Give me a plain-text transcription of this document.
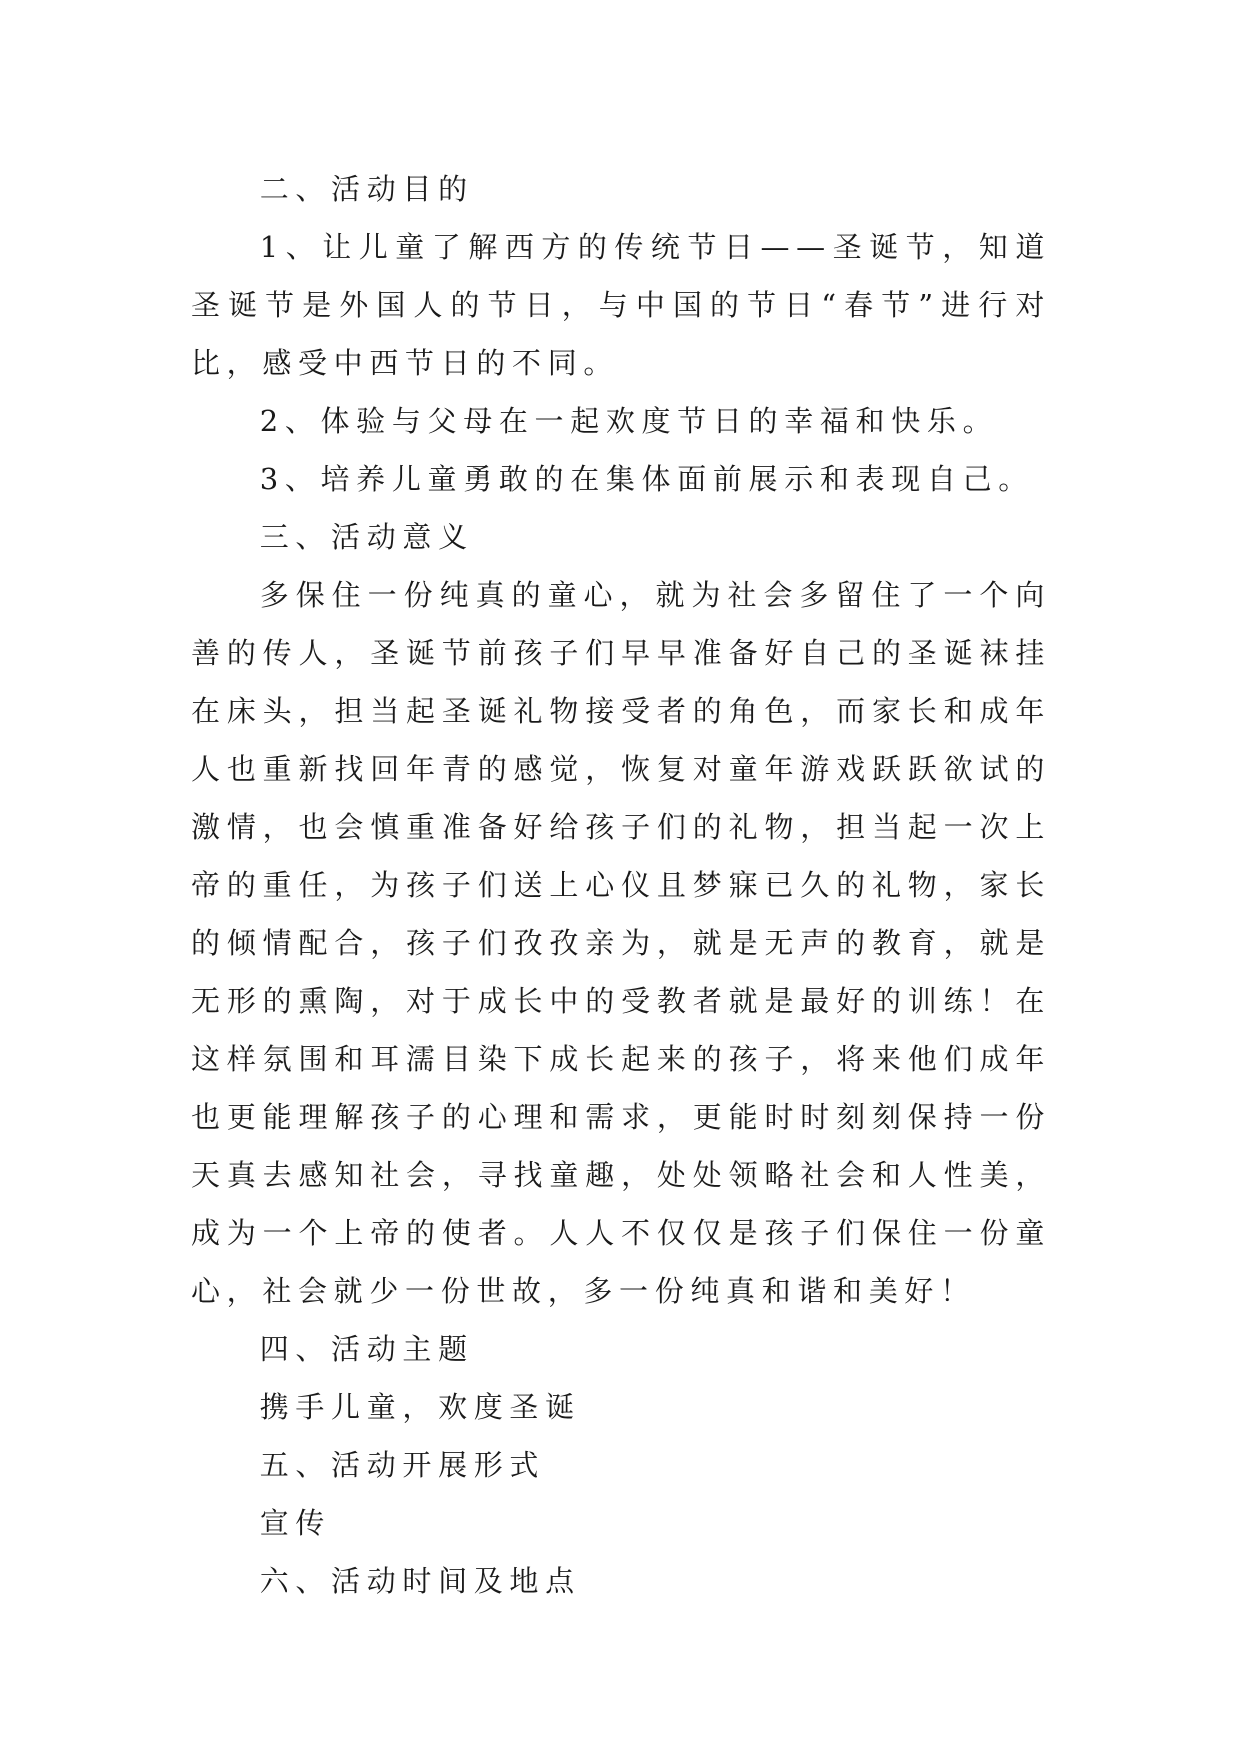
二、活动目的

1、让儿童了解西方的传统节日——圣诞节，知道圣诞节是外国人的节日，与中国的节日“春节”进行对比，感受中西节日的不同。

2、体验与父母在一起欢度节日的幸福和快乐。

3、培养儿童勇敢的在集体面前展示和表现自己。

三、活动意义

多保住一份纯真的童心，就为社会多留住了一个向善的传人，圣诞节前孩子们早早准备好自己的圣诞袜挂在床头，担当起圣诞礼物接受者的角色，而家长和成年人也重新找回年青的感觉，恢复对童年游戏跃跃欲试的激情，也会慎重准备好给孩子们的礼物，担当起一次上帝的重任，为孩子们送上心仪且梦寐已久的礼物，家长的倾情配合，孩子们孜孜亲为，就是无声的教育，就是无形的熏陶，对于成长中的受教者就是最好的训练！在这样氛围和耳濡目染下成长起来的孩子，将来他们成年也更能理解孩子的心理和需求，更能时时刻刻保持一份天真去感知社会，寻找童趣，处处领略社会和人性美，成为一个上帝的使者。人人不仅仅是孩子们保住一份童心，社会就少一份世故，多一份纯真和谐和美好！

四、活动主题

携手儿童，欢度圣诞

五、活动开展形式

宣传

六、活动时间及地点
